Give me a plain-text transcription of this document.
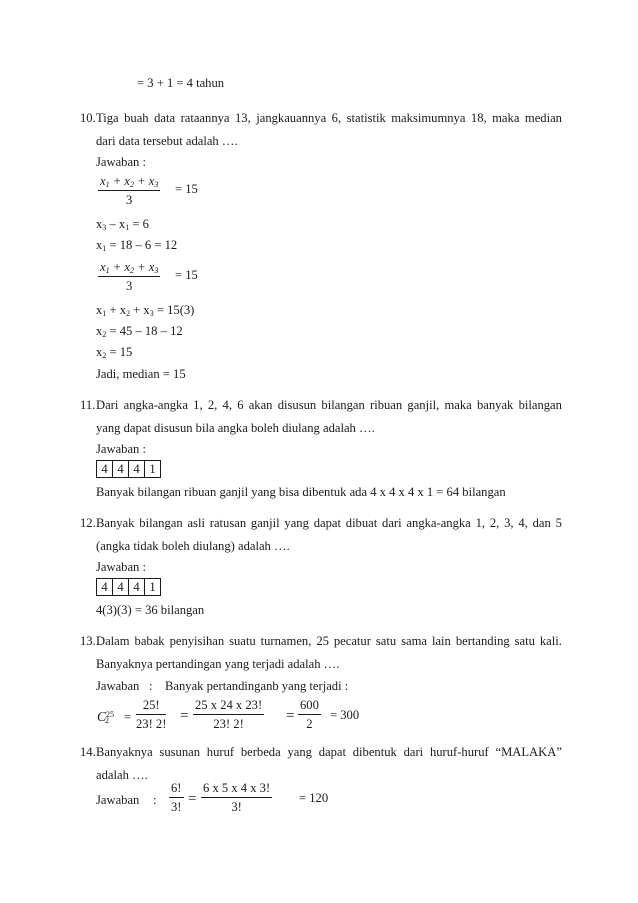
= 3 + 1 = 4 tahun
10. Tiga buah data rataannya 13, jangkauannya 6, statistik maksimumnya 18, maka median
dari data tersebut adalah ….
Jawaban :
$x_1 + x_2 + x_3$
3
= 15
$x_3 - x_1 = 6$
$x_1 = 18 - 6 = 12$
$x_1 + x_2 + x_3$
3
= 15
$x_1 + x_2 + x_3 = 15(3)$
$x_2 = 45 - 18 - 12$
$x_2 = 15$
Jadi, median = 15
11. Dari angka-angka 1, 2, 4, 6 akan disusun bilangan ribuan ganjil, maka banyak bilangan
yang dapat disusun bila angka boleh diulang adalah ….
Jawaban :
4 4 4 1
Banyak bilangan ribuan ganjil yang bisa dibentuk ada 4 x 4 x 4 x 1 = 64 bilangan
12. Banyak bilangan asli ratusan ganjil yang dapat dibuat dari angka-angka 1, 2, 3, 4, dan 5
(angka tidak boleh diulang) adalah ….
Jawaban :
4 4 4 1
4(3)(3) = 36 bilangan
13. Dalam babak penyisihan suatu turnamen, 25 pecatur satu sama lain bertanding satu kali.
Banyaknya pertandingan yang terjadi adalah ….
Jawaban : Banyak pertandinganb yang terjadi :
$C^{25}_2$ =
25!
23! 2! =
25 x 24 x 23!
23! 2!	=
600
2
= 300
14. Banyaknya susunan huruf berbeda yang dapat dibentuk dari huruf-huruf “MALAKA”
adalah ….
Jawaban :
6!
3! =
6 x 5 x 4 x 3!
3!
= 120
